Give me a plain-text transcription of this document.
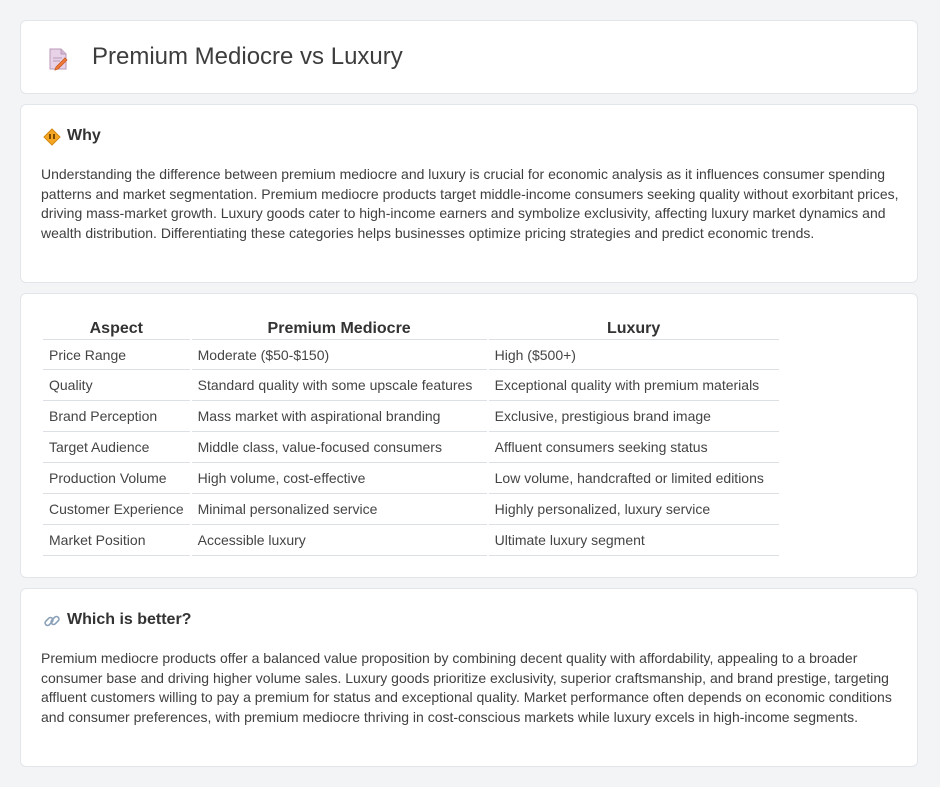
Premium Mediocre vs Luxury
Why

Understanding the difference between premium mediocre and luxury is crucial for economic analysis as it influences consumer spending patterns and market segmentation. Premium mediocre products target middle-income consumers seeking quality without exorbitant prices, driving mass-market growth. Luxury goods cater to high-income earners and symbolize exclusivity, affecting luxury market dynamics and wealth distribution. Differentiating these categories helps businesses optimize pricing strategies and predict economic trends.

Aspect	Premium Mediocre	Luxury
Price Range	Moderate ($50-$150)	High ($500+)
Quality	Standard quality with some upscale features	Exceptional quality with premium materials
Brand Perception	Mass market with aspirational branding	Exclusive, prestigious brand image
Target Audience	Middle class, value-focused consumers	Affluent consumers seeking status
Production Volume	High volume, cost-effective	Low volume, handcrafted or limited editions
Customer Experience	Minimal personalized service	Highly personalized, luxury service
Market Position	Accessible luxury	Ultimate luxury segment
Which is better?

Premium mediocre products offer a balanced value proposition by combining decent quality with affordability, appealing to a broader consumer base and driving higher volume sales. Luxury goods prioritize exclusivity, superior craftsmanship, and brand prestige, targeting affluent customers willing to pay a premium for status and exceptional quality. Market performance often depends on economic conditions and consumer preferences, with premium mediocre thriving in cost-conscious markets while luxury excels in high-income segments.
